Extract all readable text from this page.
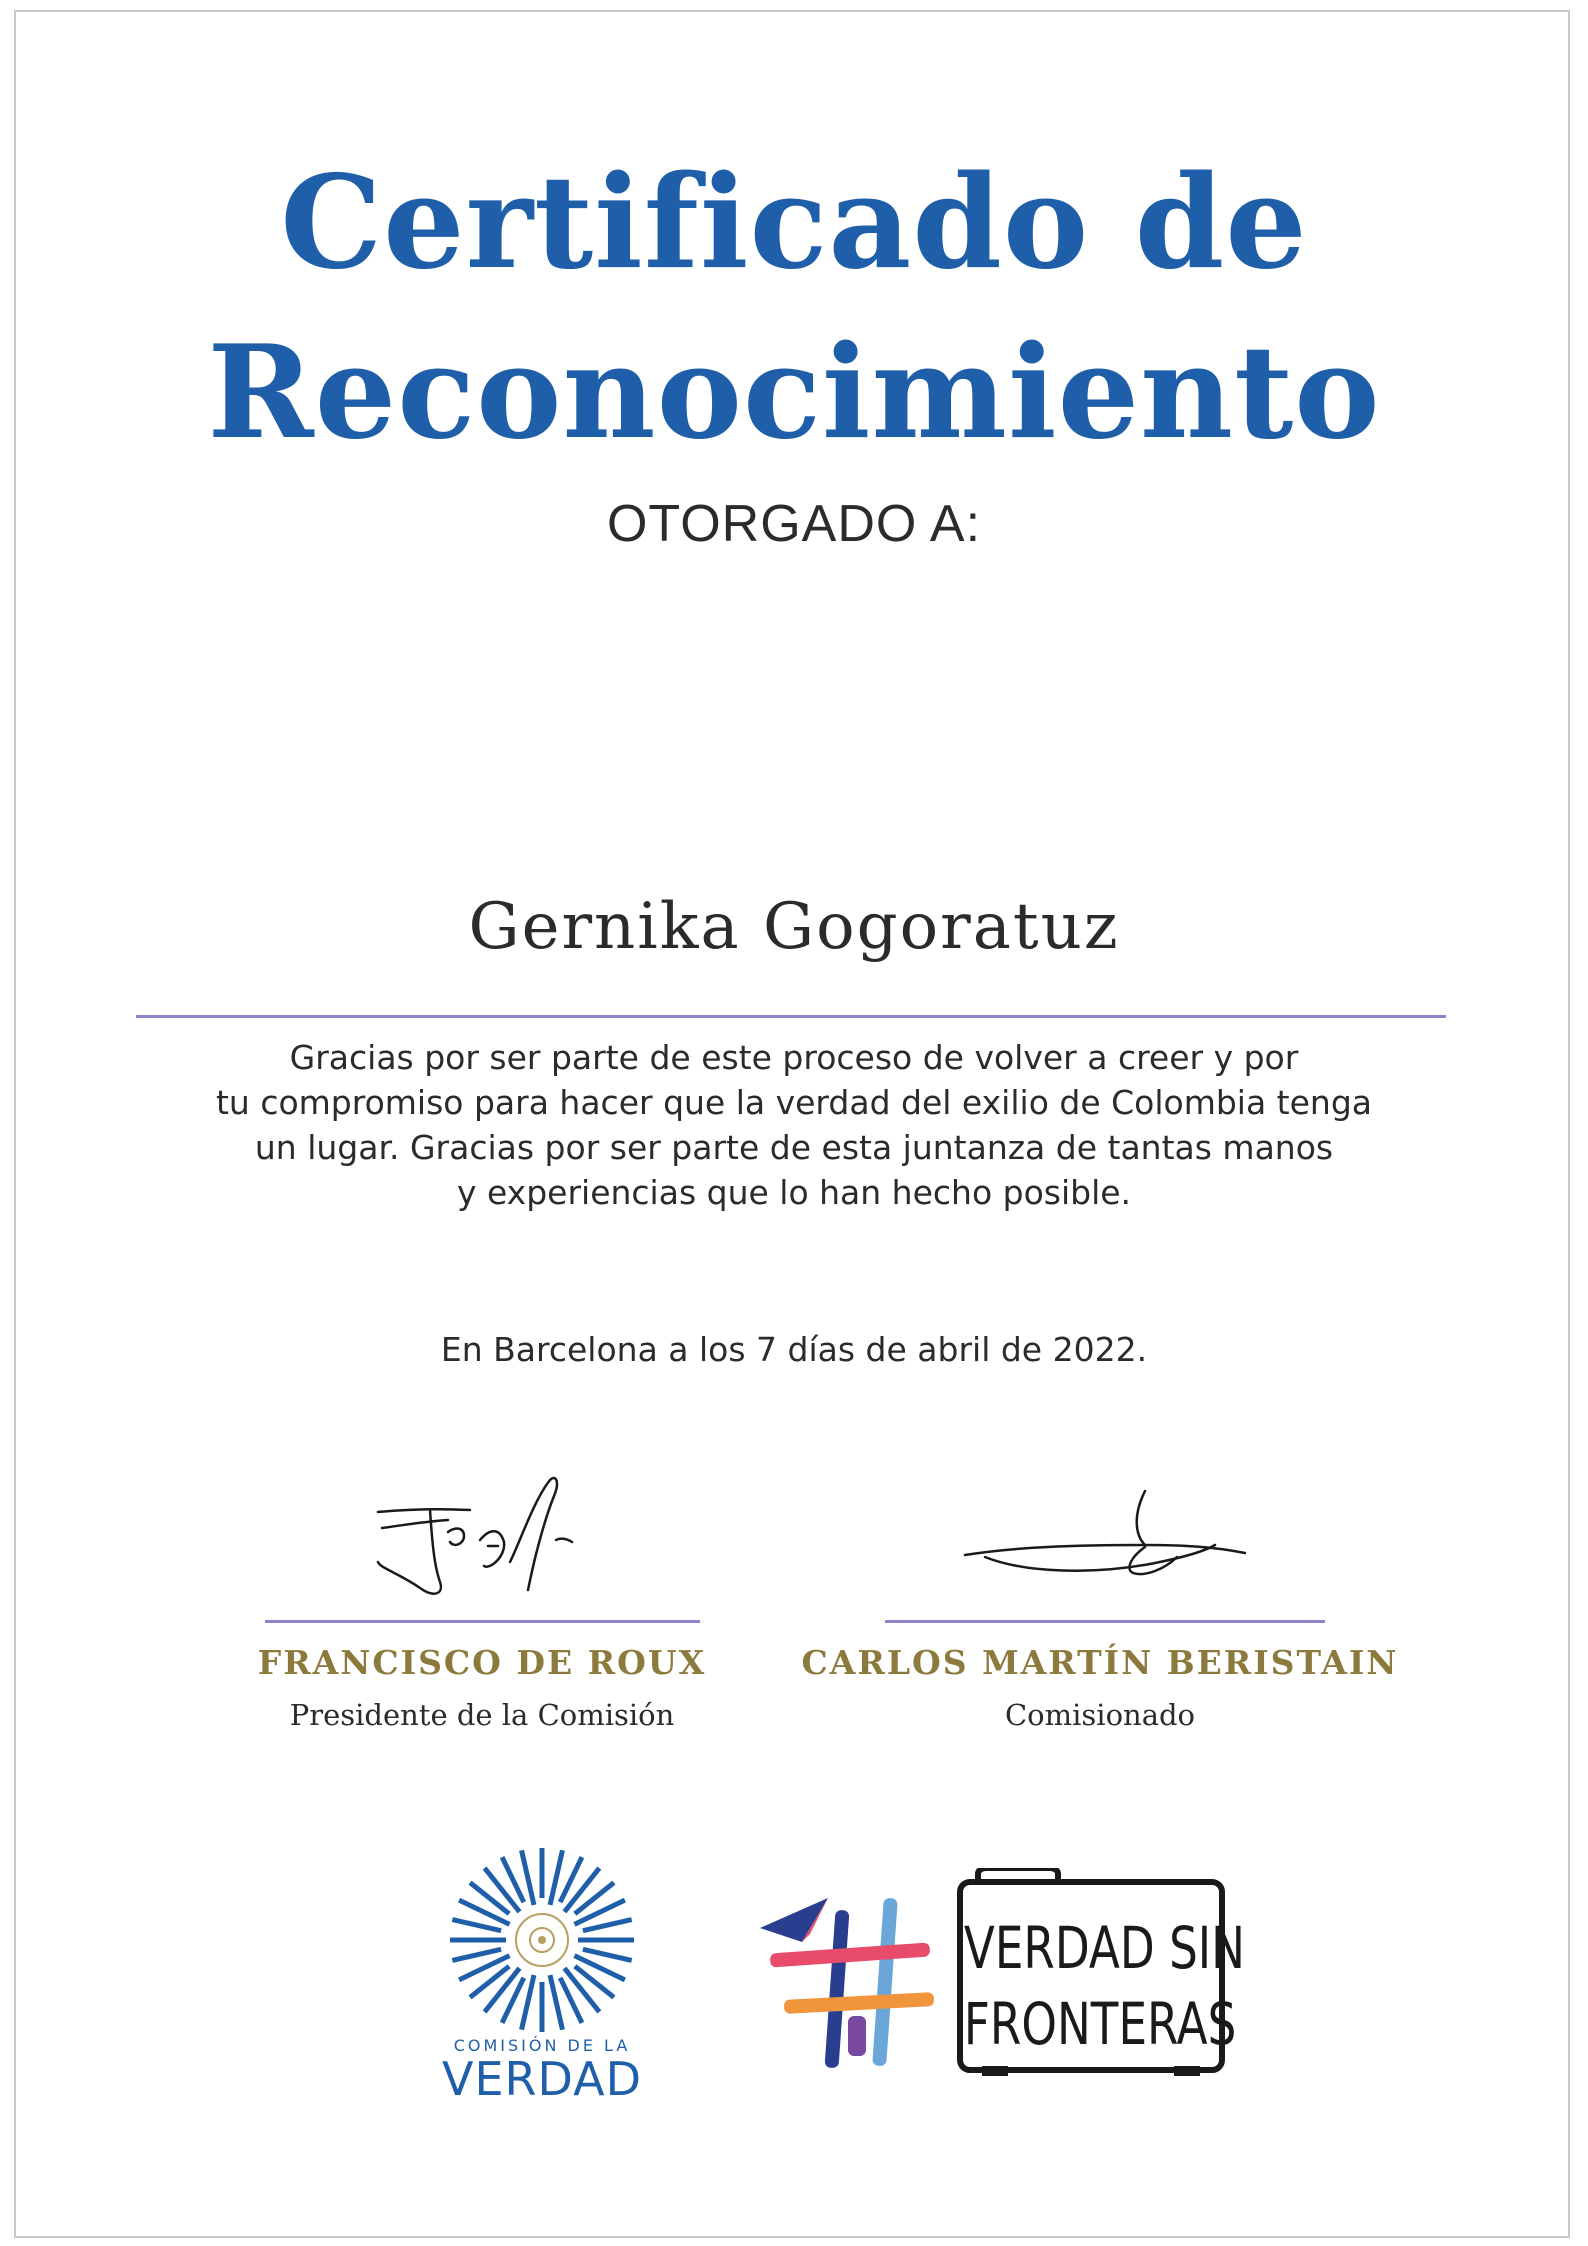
Certificado de
Reconocimiento
OTORGADO A:
Gernika Gogoratuz
Gracias por ser parte de este proceso de volver a creer y por
tu compromiso para hacer que la verdad del exilio de Colombia tenga
un lugar. Gracias por ser parte de esta juntanza de tantas manos
y experiencias que lo han hecho posible.
En Barcelona a los 7 días de abril de 2022.
FRANCISCO DE ROUX
Presidente de la Comisión
CARLOS MARTÍN BERISTAIN
Comisionado
COMISIÓN DE LA
VERDAD
VERDAD SIN
FRONTERAS
